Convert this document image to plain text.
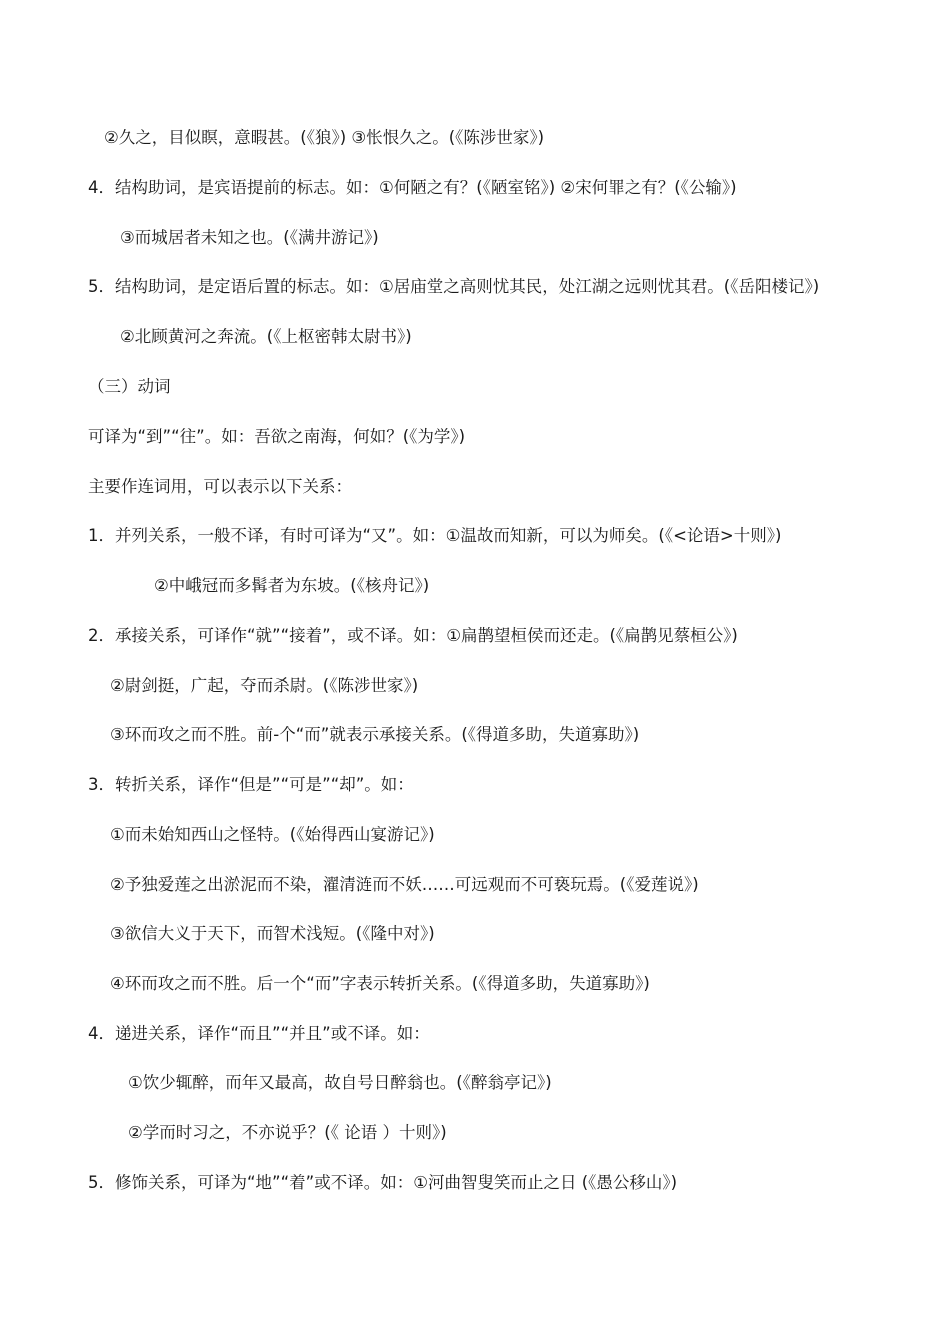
②久之，目似瞑，意暇甚。(《狼》) ③怅恨久之。(《陈涉世家》)
4．结构助词，是宾语提前的标志。如：①何陋之有？(《陋室铭》) ②宋何罪之有？(《公输》)
③而城居者未知之也。(《满井游记》)
5．结构助词，是定语后置的标志。如：①居庙堂之高则忧其民，处江湖之远则忧其君。(《岳阳楼记》)
②北顾黄河之奔流。(《上枢密韩太尉书》)
（三）动词
可译为“到”“往”。如：吾欲之南海，何如？(《为学》)
主要作连词用，可以表示以下关系：
1．并列关系，一般不译，有时可译为“又”。如：①温故而知新，可以为师矣。(《<论语>十则》)
②中峨冠而多髯者为东坡。(《核舟记》)
2．承接关系，可译作“就”“接着”，或不译。如：①扁鹊望桓侯而还走。(《扁鹊见蔡桓公》)
②尉剑挺，广起，夺而杀尉。(《陈涉世家》)
③环而攻之而不胜。前-个“而”就表示承接关系。(《得道多助，失道寡助》)
3．转折关系，译作“但是”“可是”“却”。如：
①而未始知西山之怪特。(《始得西山宴游记》)
②予独爱莲之出淤泥而不染，濯清涟而不妖……可远观而不可亵玩焉。(《爱莲说》)
③欲信大义于天下，而智术浅短。(《隆中对》)
④环而攻之而不胜。后一个“而”字表示转折关系。(《得道多助，失道寡助》)
4．递进关系，译作“而且”“并且”或不译。如：
①饮少辄醉，而年又最高，故自号日醉翁也。(《醉翁亭记》)
②学而时习之，不亦说乎？(《 论语 ）十则》)
5．修饰关系，可译为“地”“着”或不译。如：①河曲智叟笑而止之日 (《愚公移山》)
